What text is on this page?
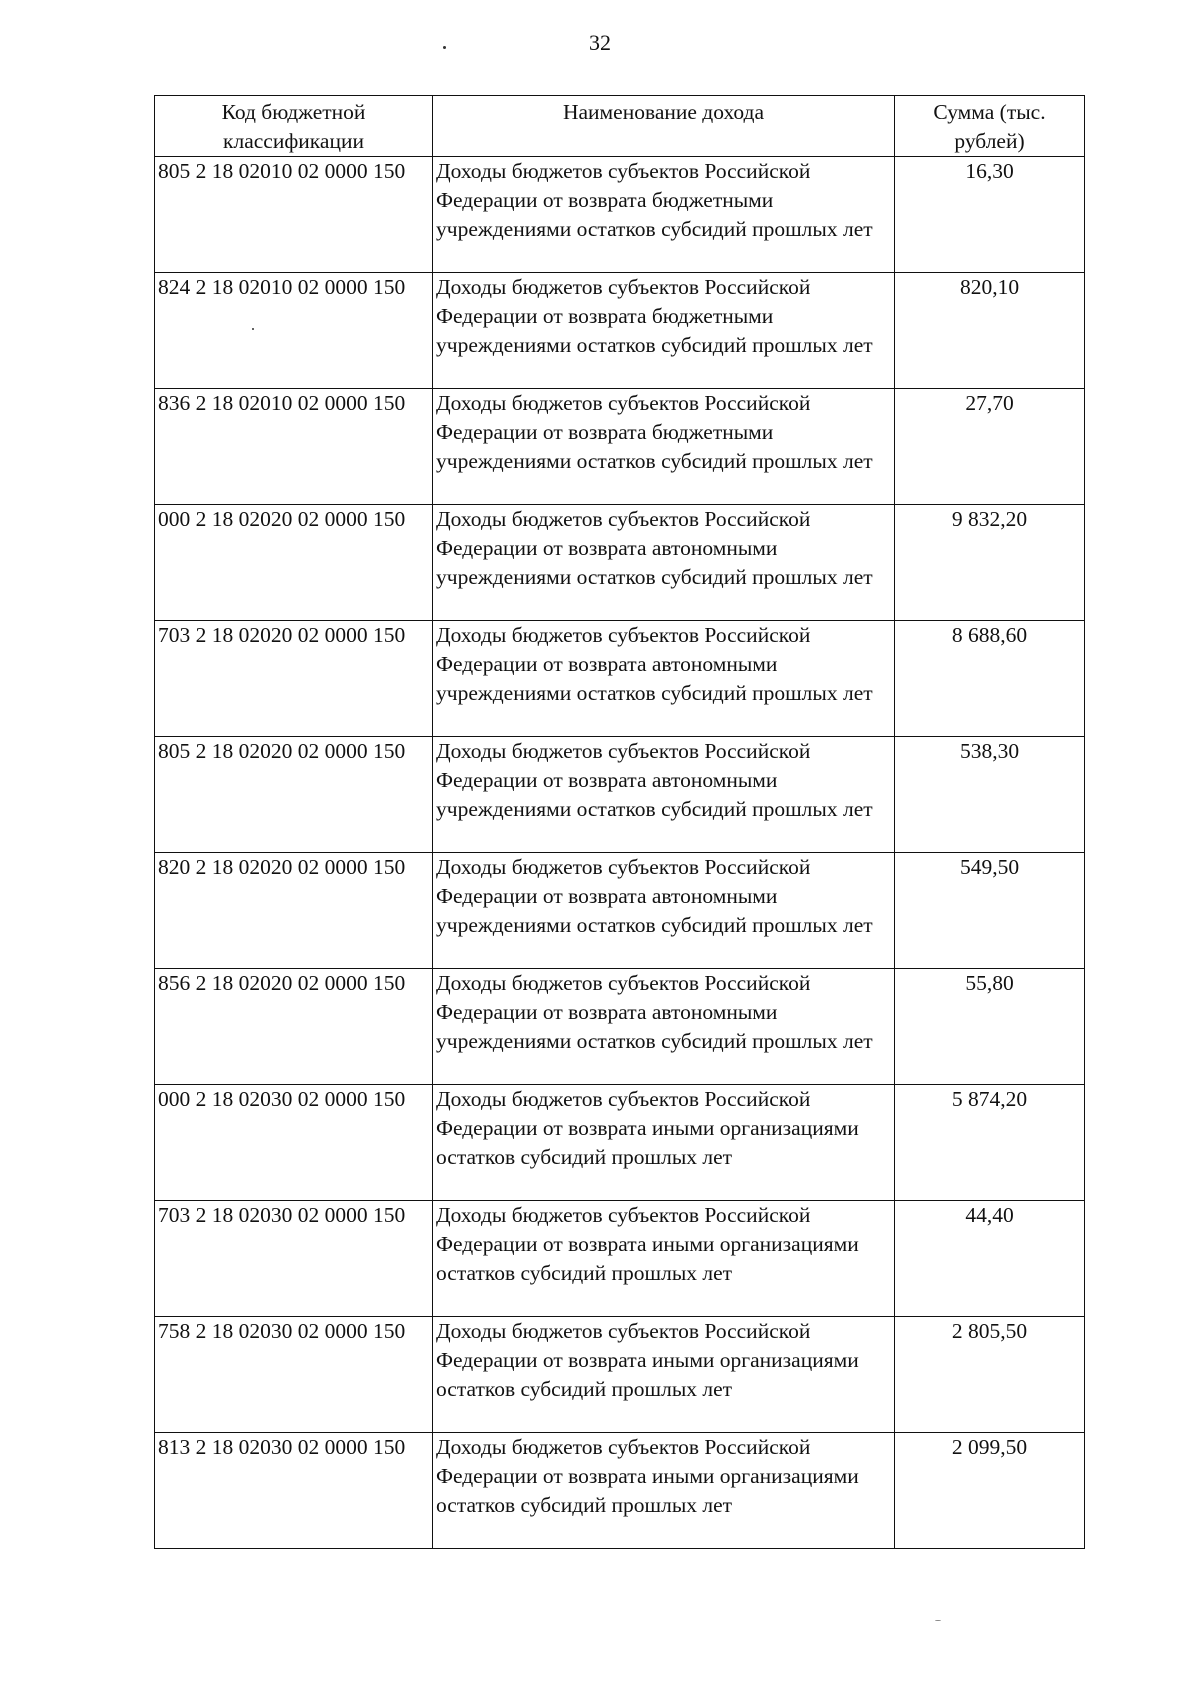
32
Код бюджетной классификации	Наименование дохода	Сумма (тыс. рублей)
805 2 18 02010 02 0000 150	Доходы бюджетов субъектов Российской Федерации от возврата бюджетными учреждениями остатков субсидий прошлых лет	16,30
824 2 18 02010 02 0000 150	Доходы бюджетов субъектов Российской Федерации от возврата бюджетными учреждениями остатков субсидий прошлых лет	820,10
836 2 18 02010 02 0000 150	Доходы бюджетов субъектов Российской Федерации от возврата бюджетными учреждениями остатков субсидий прошлых лет	27,70
000 2 18 02020 02 0000 150	Доходы бюджетов субъектов Российской Федерации от возврата автономными учреждениями остатков субсидий прошлых лет	9 832,20
703 2 18 02020 02 0000 150	Доходы бюджетов субъектов Российской Федерации от возврата автономными учреждениями остатков субсидий прошлых лет	8 688,60
805 2 18 02020 02 0000 150	Доходы бюджетов субъектов Российской Федерации от возврата автономными учреждениями остатков субсидий прошлых лет	538,30
820 2 18 02020 02 0000 150	Доходы бюджетов субъектов Российской Федерации от возврата автономными учреждениями остатков субсидий прошлых лет	549,50
856 2 18 02020 02 0000 150	Доходы бюджетов субъектов Российской Федерации от возврата автономными учреждениями остатков субсидий прошлых лет	55,80
000 2 18 02030 02 0000 150	Доходы бюджетов субъектов Российской Федерации от возврата иными организациями остатков субсидий прошлых лет	5 874,20
703 2 18 02030 02 0000 150	Доходы бюджетов субъектов Российской Федерации от возврата иными организациями остатков субсидий прошлых лет	44,40
758 2 18 02030 02 0000 150	Доходы бюджетов субъектов Российской Федерации от возврата иными организациями остатков субсидий прошлых лет	2 805,50
813 2 18 02030 02 0000 150	Доходы бюджетов субъектов Российской Федерации от возврата иными организациями остатков субсидий прошлых лет	2 099,50
